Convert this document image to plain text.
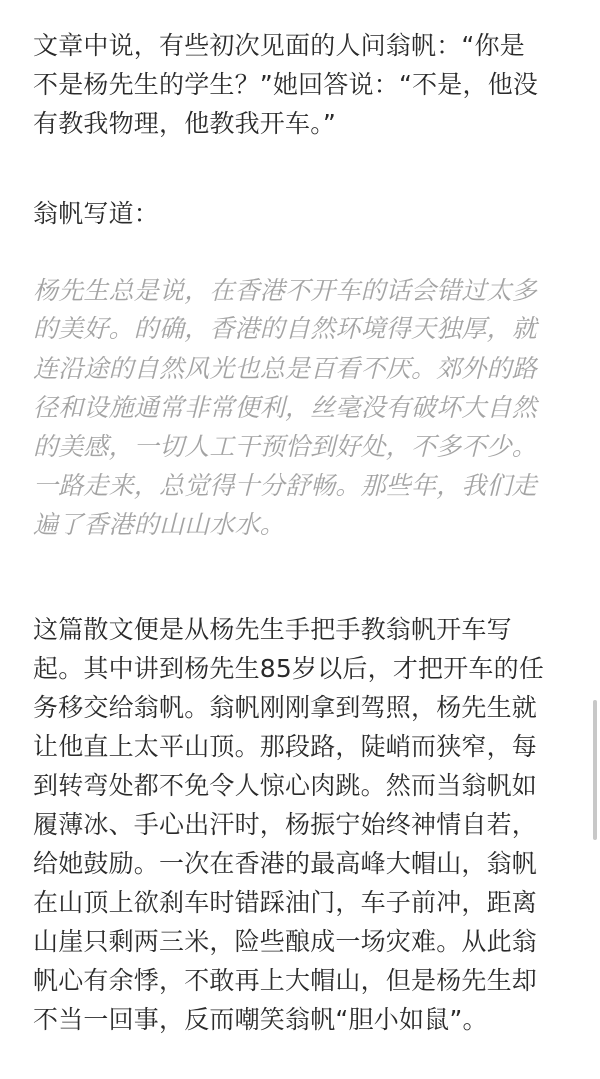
文章中说，有些初次见面的人问翁帆：“你是
不是杨先生的学生？”她回答说：“不是，他没
有教我物理，他教我开车。”
翁帆写道：
杨先生总是说，在香港不开车的话会错过太多
的美好。的确，香港的自然环境得天独厚，就
连沿途的自然风光也总是百看不厌。郊外的路
径和设施通常非常便利，丝毫没有破坏大自然
的美感，一切人工干预恰到好处，不多不少。
一路走来，总觉得十分舒畅。那些年，我们走
遍了香港的山山水水。
这篇散文便是从杨先生手把手教翁帆开车写
起。其中讲到杨先生85岁以后，才把开车的任
务移交给翁帆。翁帆刚刚拿到驾照，杨先生就
让他直上太平山顶。那段路，陡峭而狭窄，每
到转弯处都不免令人惊心肉跳。然而当翁帆如
履薄冰、手心出汗时，杨振宁始终神情自若，
给她鼓励。一次在香港的最高峰大帽山，翁帆
在山顶上欲刹车时错踩油门，车子前冲，距离
山崖只剩两三米，险些酿成一场灾难。从此翁
帆心有余悸，不敢再上大帽山，但是杨先生却
不当一回事，反而嘲笑翁帆“胆小如鼠”。
